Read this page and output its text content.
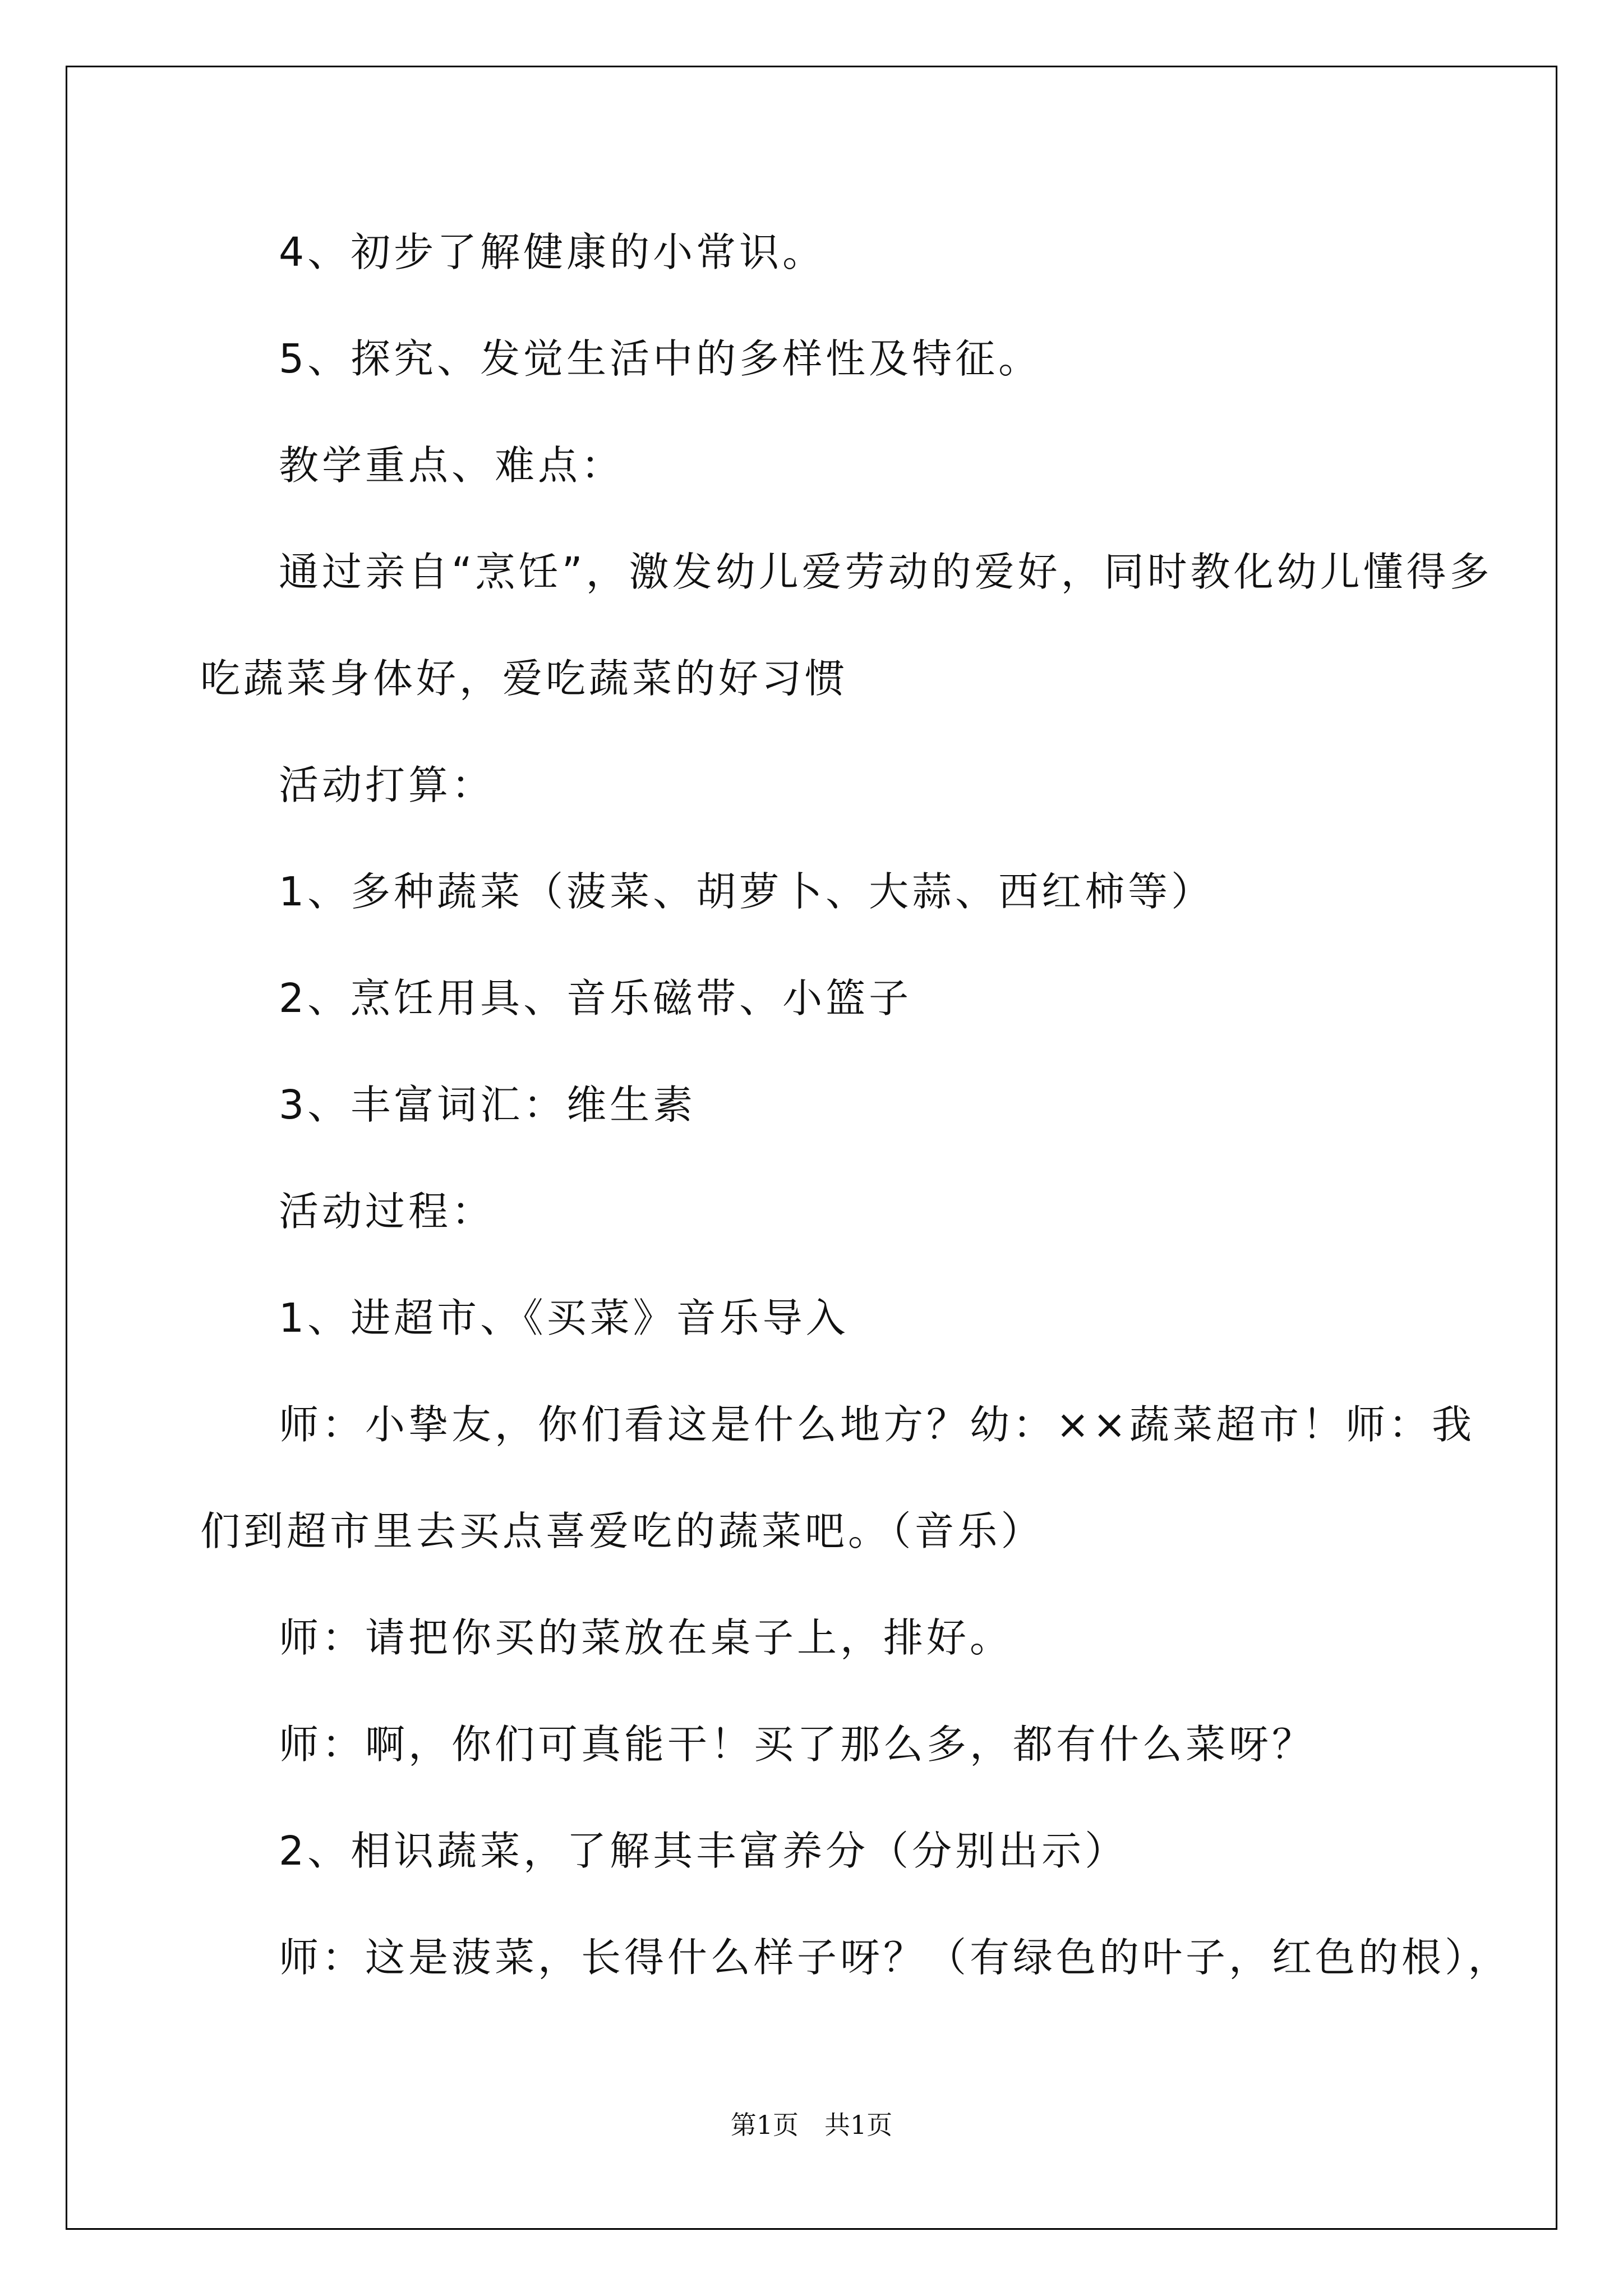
4、初步了解健康的小常识。

5、探究、发觉生活中的多样性及特征。

教学重点、难点：

通过亲自“烹饪”，激发幼儿爱劳动的爱好，同时教化幼儿懂得多

吃蔬菜身体好，爱吃蔬菜的好习惯

活动打算：

1、多种蔬菜（菠菜、胡萝卜、大蒜、西红柿等）

2、烹饪用具、音乐磁带、小篮子

3、丰富词汇：维生素

活动过程：

1、进超市、《买菜》音乐导入

师：小挚友，你们看这是什么地方？幼：××蔬菜超市！师：我

们到超市里去买点喜爱吃的蔬菜吧。（音乐）

师：请把你买的菜放在桌子上，排好。

师：啊，你们可真能干！买了那么多，都有什么菜呀？

2、相识蔬菜，了解其丰富养分（分别出示）

师：这是菠菜，长得什么样子呀？（有绿色的叶子，红色的根），

第1页　共1页
